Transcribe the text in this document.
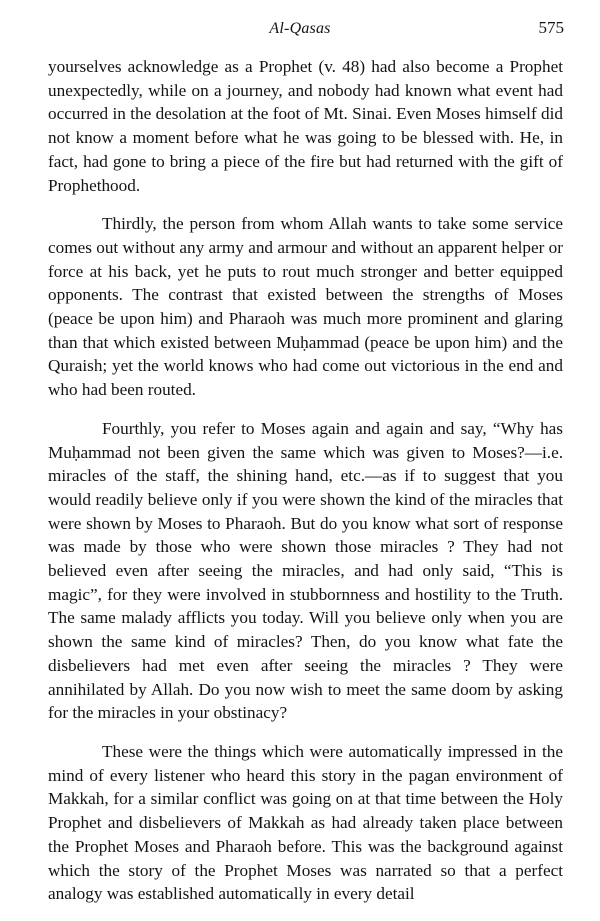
Al-Qasas	575

yourselves acknowledge as a Prophet (v. 48) had also become a Prophet unexpectedly, while on a journey, and nobody had known what event had occurred in the desolation at the foot of Mt. Sinai. Even Moses himself did not know a moment before what he was going to be blessed with. He, in fact, had gone to bring a piece of the fire but had returned with the gift of Prophethood.

Thirdly, the person from whom Allah wants to take some service comes out without any army and armour and without an apparent helper or force at his back, yet he puts to rout much stronger and better equipped opponents. The contrast that existed between the strengths of Moses (peace be upon him) and Pharaoh was much more prominent and glaring than that which existed between Muḥammad (peace be upon him) and the Quraish; yet the world knows who had come out victorious in the end and who had been routed.

Fourthly, you refer to Moses again and again and say, “Why has Muḥammad not been given the same which was given to Moses?—i.e. miracles of the staff, the shining hand, etc.—as if to suggest that you would readily believe only if you were shown the kind of the miracles that were shown by Moses to Pharaoh. But do you know what sort of response was made by those who were shown those miracles ? They had not believed even after seeing the miracles, and had only said, “This is magic”, for they were involved in stubbornness and hostility to the Truth. The same malady afflicts you today. Will you believe only when you are shown the same kind of miracles? Then, do you know what fate the disbelievers had met even after seeing the miracles ? They were annihilated by Allah. Do you now wish to meet the same doom by asking for the miracles in your obstinacy?

These were the things which were automatically impressed in the mind of every listener who heard this story in the pagan environment of Makkah, for a similar conflict was going on at that time between the Holy Prophet and disbelievers of Makkah as had already taken place between the Prophet Moses and Pharaoh before. This was the background against which the story of the Prophet Moses was narrated so that a perfect analogy was established automatically in every detail
